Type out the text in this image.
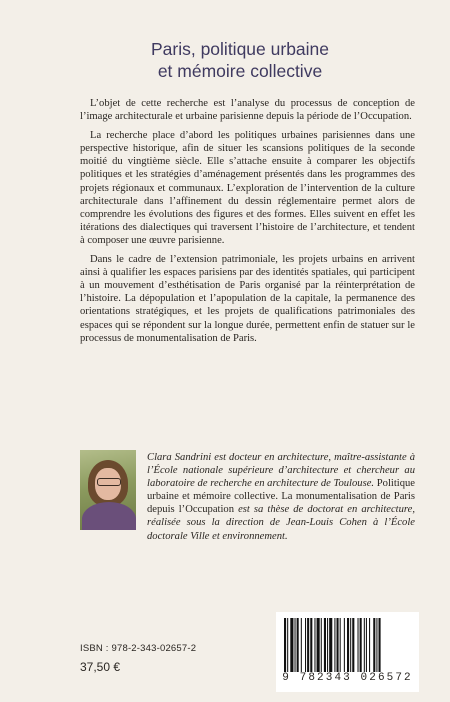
Paris, politique urbaine
et mémoire collective

L’objet de cette recherche est l’analyse du processus de conception de l’image architecturale et urbaine parisienne depuis la période de l’Occupation.

La recherche place d’abord les politiques urbaines parisiennes dans une perspective historique, afin de situer les scansions politiques de la seconde moitié du vingtième siècle. Elle s’attache ensuite à comparer les objectifs politiques et les stratégies d’aménagement présentés dans les programmes des projets régionaux et communaux. L’exploration de l’intervention de la culture architecturale dans l’affinement du dessin réglementaire permet alors de comprendre les évolutions des figures et des formes. Elles suivent en effet les itérations des dialectiques qui traversent l’histoire de l’architecture, et tendent à composer une œuvre parisienne.

Dans le cadre de l’extension patrimoniale, les projets urbains en arrivent ainsi à qualifier les espaces parisiens par des identités spatiales, qui participent à un mouvement d’esthétisation de Paris organisé par la réinterprétation de l’histoire. La dépopulation et l’apopulation de la capitale, la permanence des orientations stratégiques, et les projets de qualifications patrimoniales des espaces qui se répondent sur la longue durée, permettent enfin de statuer sur le processus de monumentalisation de Paris.

Clara Sandrini est docteur en architecture, maître-assistante à l’École nationale supérieure d’architecture et chercheur au laboratoire de recherche en architecture de Toulouse. Politique urbaine et mémoire collective. La monumentalisation de Paris depuis l’Occupation est sa thèse de doctorat en architecture, réalisée sous la direction de Jean-Louis Cohen à l’École doctorale Ville et environnement.
ISBN : 978-2-343-02657-2
37,50 €
9 782343 026572
